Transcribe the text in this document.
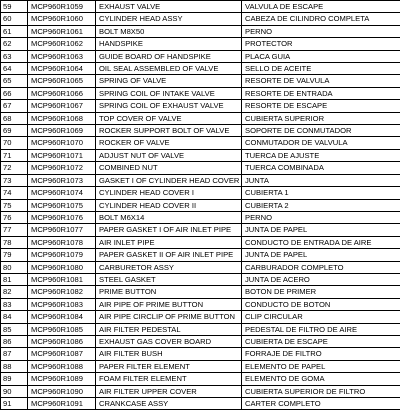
59	MCP960R1059	EXHAUST VALVE	VALVULA DE ESCAPE
60	MCP960R1060	CYLINDER HEAD ASSY	CABEZA DE CILINDRO COMPLETA
61	MCP960R1061	BOLT M8X50	PERNO
62	MCP960R1062	HANDSPIKE	PROTECTOR
63	MCP960R1063	GUIDE BOARD OF HANDSPIKE	PLACA GUIA
64	MCP960R1064	OIL SEAL ASSEMBLED OF VALVE	SELLO DE ACEITE
65	MCP960R1065	SPRING OF VALVE	RESORTE DE VALVULA
66	MCP960R1066	SPRING COIL OF INTAKE VALVE	RESORTE DE ENTRADA
67	MCP960R1067	SPRING COIL OF EXHAUST VALVE	RESORTE DE ESCAPE
68	MCP960R1068	TOP COVER OF VALVE	CUBIERTA SUPERIOR
69	MCP960R1069	ROCKER SUPPORT BOLT OF VALVE	SOPORTE DE CONMUTADOR
70	MCP960R1070	ROCKER OF VALVE	CONMUTADOR DE VALVULA
71	MCP960R1071	ADJUST NUT OF VALVE	TUERCA DE AJUSTE
72	MCP960R1072	COMBINED NUT	TUERCA COMBINADA
73	MCP960R1073	GASKET I OF CYLINDER HEAD COVER	JUNTA
74	MCP960R1074	CYLINDER HEAD COVER I	CUBIERTA 1
75	MCP960R1075	CYLINDER HEAD COVER II	CUBIERTA 2
76	MCP960R1076	BOLT M6X14	PERNO
77	MCP960R1077	PAPER GASKET I OF AIR INLET PIPE	JUNTA DE PAPEL
78	MCP960R1078	AIR INLET PIPE	CONDUCTO DE ENTRADA DE AIRE
79	MCP960R1079	PAPER GASKET II OF AIR INLET PIPE	JUNTA DE PAPEL
80	MCP960R1080	CARBURETOR ASSY	CARBURADOR COMPLETO
81	MCP960R1081	STEEL GASKET	JUNTA DE ACERO
82	MCP960R1082	PRIME BUTTON	BOTON DE PRIMER
83	MCP960R1083	AIR PIPE OF PRIME BUTTON	CONDUCTO DE BOTON
84	MCP960R1084	AIR PIPE CIRCLIP OF PRIME BUTTON	CLIP CIRCULAR
85	MCP960R1085	AIR FILTER PEDESTAL	PEDESTAL DE FILTRO DE AIRE
86	MCP960R1086	EXHAUST GAS COVER BOARD	CUBIERTA DE ESCAPE
87	MCP960R1087	AIR FILTER BUSH	FORRAJE DE FILTRO
88	MCP960R1088	PAPER FILTER ELEMENT	ELEMENTO DE PAPEL
89	MCP960R1089	FOAM FILTER ELEMENT	ELEMENTO DE GOMA
90	MCP960R1090	AIR FILTER UPPER COVER	CUBIERTA SUPERIOR DE FILTRO
91	MCP960R1091	CRANKCASE ASSY	CARTER COMPLETO
